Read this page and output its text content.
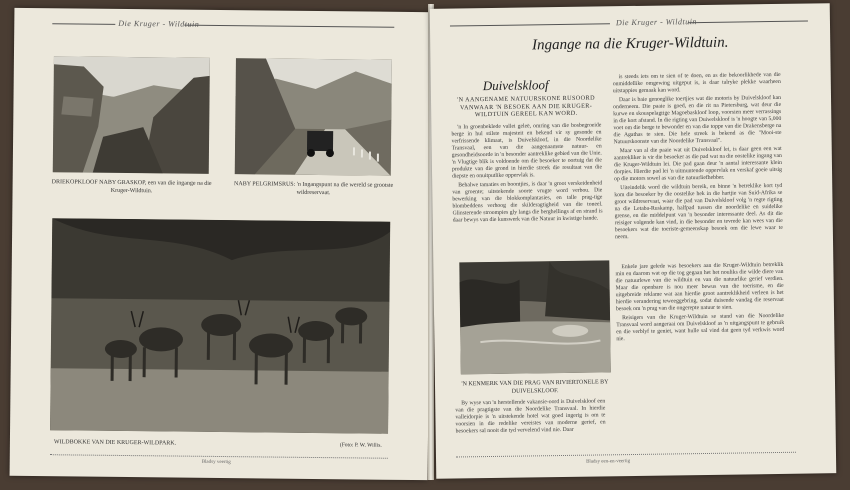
Die Kruger - Wildtuin
DRIEKOPKLOOF NABY GRASKOP, een van die ingange na die Kruger-Wildtuin.
NABY PELGRIMSRUS: 'n Ingangspunt na die wereld se grootste wildreservaat.
WILDBOKKE VAN DIE KRUGER-WILDPARK.	(Foto: P. W. Willis.
Bladsy veertig
Die Kruger - Wildtuin
Ingange na die Kruger-Wildtuin.
Duivelskloof
'N AANGENAME NATUURSKONE RUSOORD VANWAAR 'N BESOEK AAN DIE KRUGER-WILDTUIN GEREEL KAN WORD.

'n In groenbeklede vallei geleë, omring van die bosbegroeide berge in hul stilste majesteit en bekend vir sy gesonde en verfrissende klimaat, is Duivelskloof, in die Noordelike Transvaal, een van die aangenaamste natuur- en gesondheidsoorde in 'n besonder aantreklike gebied van die Unie. 'n Vlugtige blik is voldoende om die besoeker te oortuig dat die produkte van die grond in hierdie streek die resultaat van die diepste en onuitputlike oppervlak is.

Behalwe tamaties en boontjies, is daar 'n groot verskeidenheid van groente; uitstekende soorte vrugte word verbou. Die bewerking van die blokkomplantasies, en talle prag-tige blombeddens verhoog die skilderagtigheid van die toneel. Glinsterende stroompies gly langs die berghellings af en strand is daar bewys van die kunswerk van die Natuur in kwistige hande.

is steeds iets om te sien of te doen, en as die bekoorlikhede van die onmiddellike omgewing uitgeput is, is daar talryke plekke waarheen uitstappies gemaak kan word.

Daar is baie genoeglike toertjies wat die motoris by Duivelskloof kan onderneem. Die paaie is goed, en die rit na Pietersburg, wat deur die kurwe en skouspelagtige Magoebaskloof loop, voorsien meer verrassings in die kort afstand. In die rigting van Duiwelskloof is 'n hoogte van 5,000 voet om die berge te bewonder en van die toppe van die Drakensberge na die Agathas te sien. Die hele streek is bekend as die "Mooi-ste Natuurskoonste van die Noordelike Transvaal".

Maar van al die paaie wat uit Duivelskloof lei, is daar geen een wat aantrekliker is vir die besoeker as die pad wat na die oostelike ingang van die Kruger-Wildtuin lei. Die pad gaan deur 'n aantal interessante klein dorpies. Hierdie pad lei 'n uitmuntende oppervlak en verskaf goeie uitsig op die motors sowel as van die natuurliefhebber.

Uiteindelik word die wildtuin bereik, en binne 'n betreklike kort tyd kom die besoeker by die oostelike hek in die hartjie van Suid-Afrika se groot wildreservaat, waar die pad van Duivelskloof volg 'n regte rigting na die Letaba-Ruskamp, halfpad tussen die noordelike en suidelike grense, en die middelpunt van 'n besonder interessante deel. As dit die reisiger volgende kan vind, in die besonder en tevrede kan wees van die besoekers wat die toeriste-gemeenskap besoek om die lewe waar te neem.

'N KENMERK VAN DIE PRAG VAN RIVIERTONELE BY DUIVELSKLOOF.

By wyse van 'n herstellende vakansie-oord is Duivelskloof een van die pragtigste van die Noordelike Transvaal. In hierdie valleidorpie is 'n uitstekende hotel wat goed ingerig is om te voorsien in die redelike vereistes van moderne gerief, en besoekers sal nooit die tyd vervelend vind nie. Daar

Enkele jare gelede was besoekers aan die Kruger-Wildtuin betreklik min en daarom wat op die tog gegaan het het nouliks die wilde diere van die natuurlewe van die wildtuin en van die natuurlike gerief verdien. Maar die openbare is nou meer bewus van die toerisme, en die uitgebreide reklame wat aan hierdie groot aantreklikheid verleen is het hierdie verandering teweeggebring, sodat duisende vandag die reservaat besoek om 'n prag van die ongerepte natuur te sien.

Reisigers van die Kruger-Wildtuin se stand van die Noordelike Transvaal word aangeraai om Duivelskloof as 'n uitgangspunt te gebruik en die verblyf te geniet, want hulle sal vind dat geen tyd verkwis word nie.

Bladsy een-en-veertig
